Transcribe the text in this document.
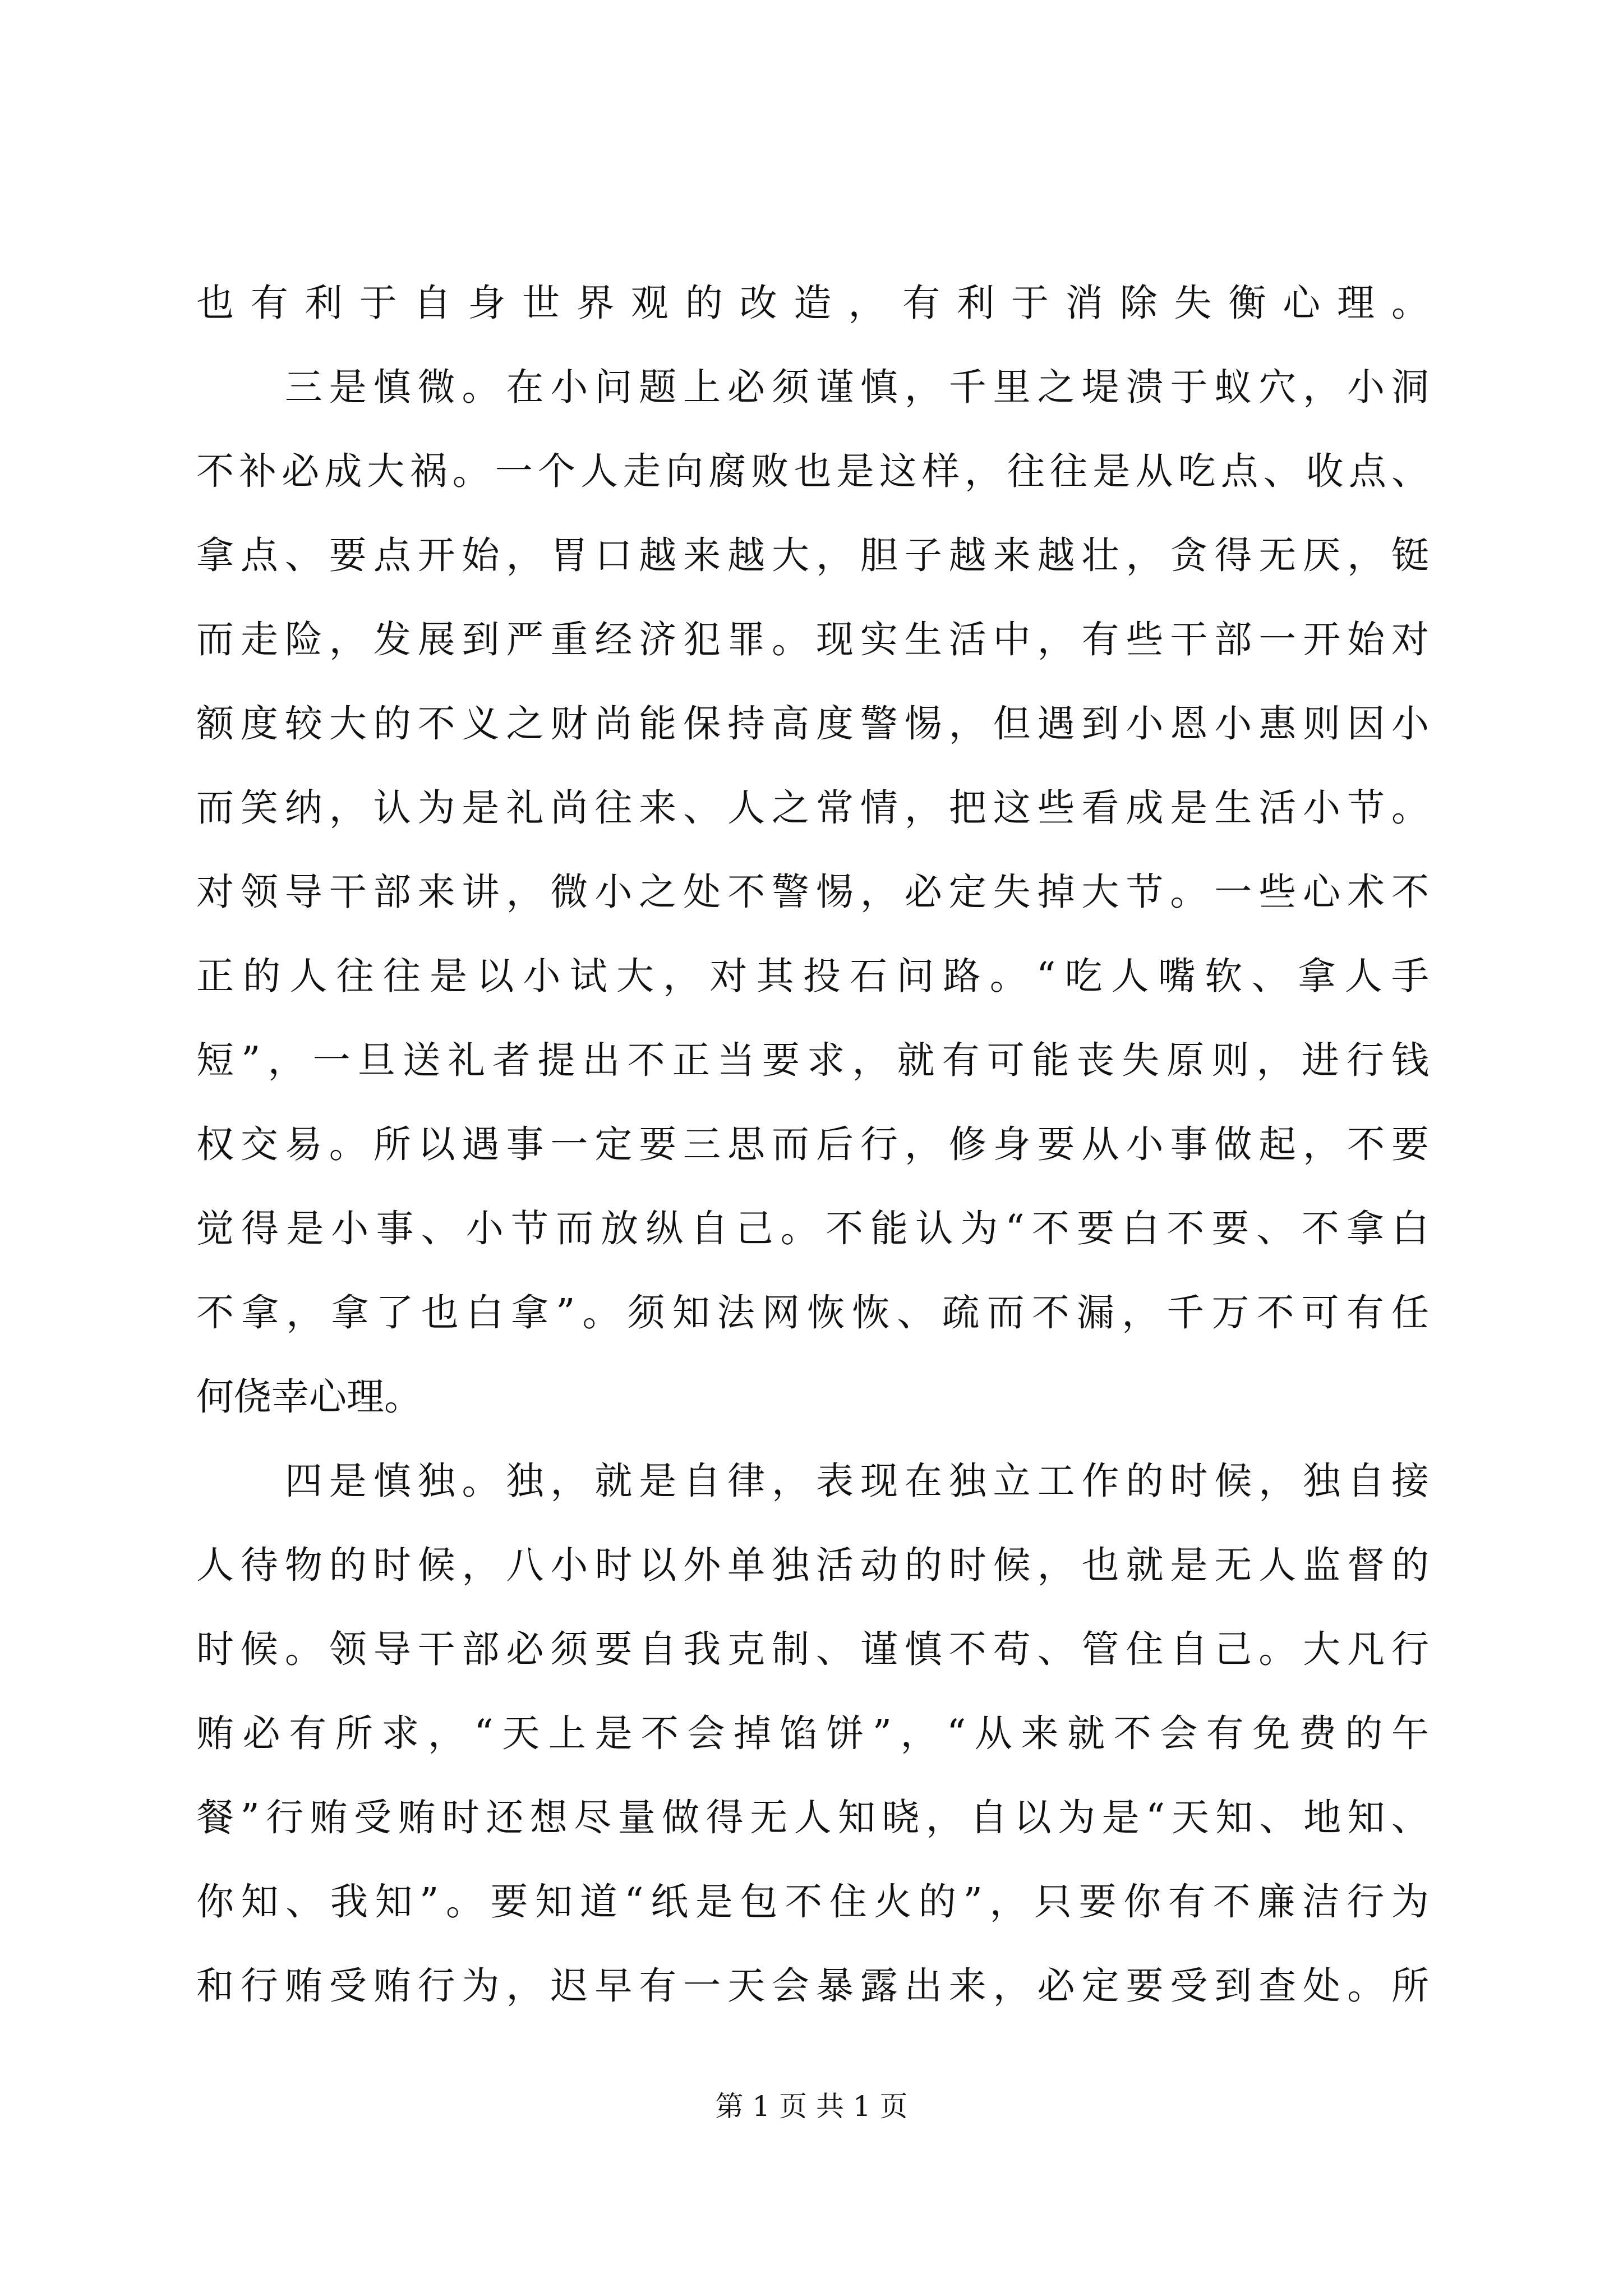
也有利于自身世界观的改造，有利于消除失衡心理。
　　三是慎微。在小问题上必须谨慎，千里之堤溃于蚁穴，小洞
不补必成大祸。一个人走向腐败也是这样，往往是从吃点、收点、
拿点、要点开始，胃口越来越大，胆子越来越壮，贪得无厌，铤
而走险，发展到严重经济犯罪。现实生活中，有些干部一开始对
额度较大的不义之财尚能保持高度警惕，但遇到小恩小惠则因小
而笑纳，认为是礼尚往来、人之常情，把这些看成是生活小节。
对领导干部来讲，微小之处不警惕，必定失掉大节。一些心术不
正的人往往是以小试大，对其投石问路。“吃人嘴软、拿人手
短”，一旦送礼者提出不正当要求，就有可能丧失原则，进行钱
权交易。所以遇事一定要三思而后行，修身要从小事做起，不要
觉得是小事、小节而放纵自己。不能认为“不要白不要、不拿白
不拿，拿了也白拿”。须知法网恢恢、疏而不漏，千万不可有任
何侥幸心理。
　　四是慎独。独，就是自律，表现在独立工作的时候，独自接
人待物的时候，八小时以外单独活动的时候，也就是无人监督的
时候。领导干部必须要自我克制、谨慎不苟、管住自己。大凡行
贿必有所求，“天上是不会掉馅饼”，“从来就不会有免费的午
餐”行贿受贿时还想尽量做得无人知晓，自以为是“天知、地知、
你知、我知”。要知道“纸是包不住火的”，只要你有不廉洁行为
和行贿受贿行为，迟早有一天会暴露出来，必定要受到查处。所
第 1 页 共 1 页
